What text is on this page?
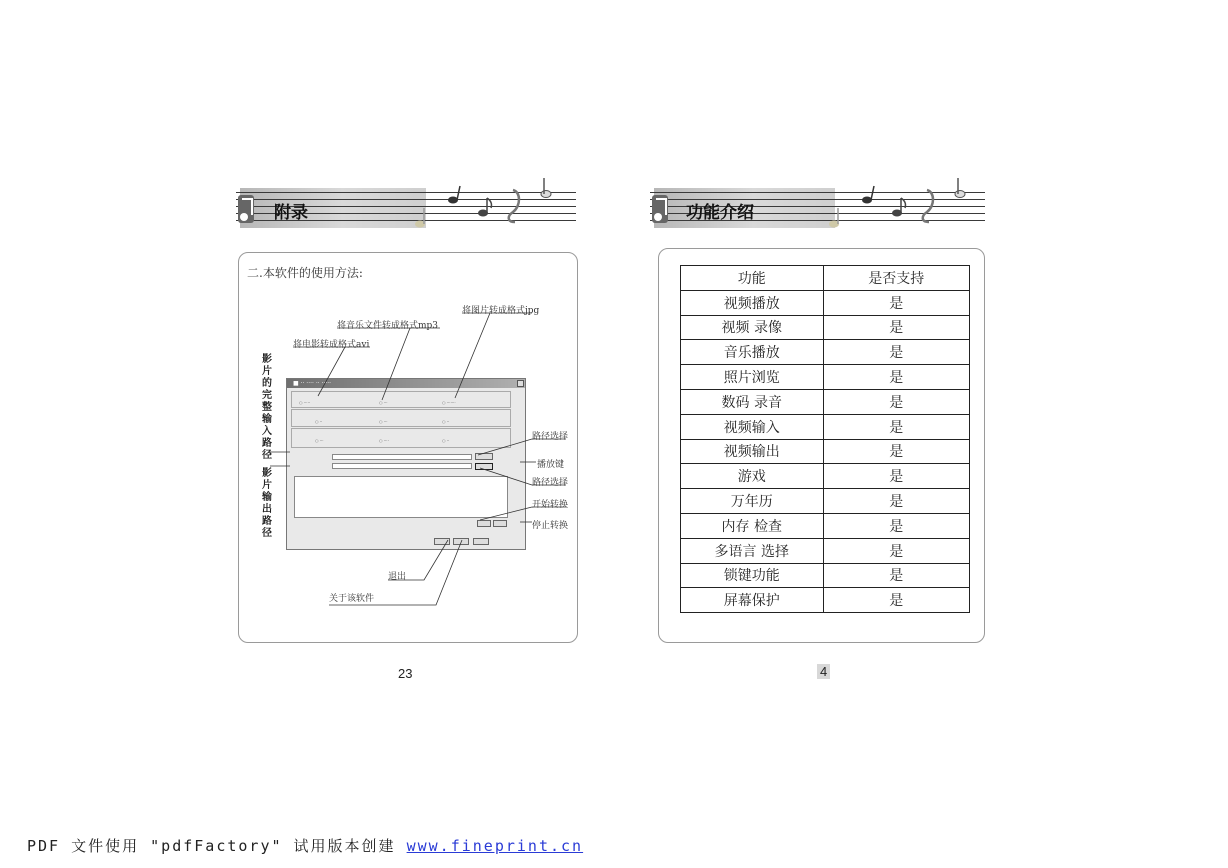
附录	功能介绍
二.本软件的使用方法:
将图片转成格式jpg
将音乐文件转成格式mp3
将电影转成格式avi
路径选择
播放键
路径选择
开始转换
停止转换
退出
关于该软件
影片的完整输入路径
影片输出路径
■ ·· ···· ·· ·····
○ ·····	○ ···	○ ·······
○ ··	○ ···	○ ··
○ ···	○ ····	○ ··
23
功能	是否支持
视频播放	是
视频 录像	是
音乐播放	是
照片浏览	是
数码 录音	是
视频输入	是
视频输出	是
游戏	是
万年历	是
内存 检查	是
多语言 选择	是
锁键功能	是
屏幕保护	是
4
PDF 文件使用 "pdfFactory" 试用版本创建 www.fineprint.cn
